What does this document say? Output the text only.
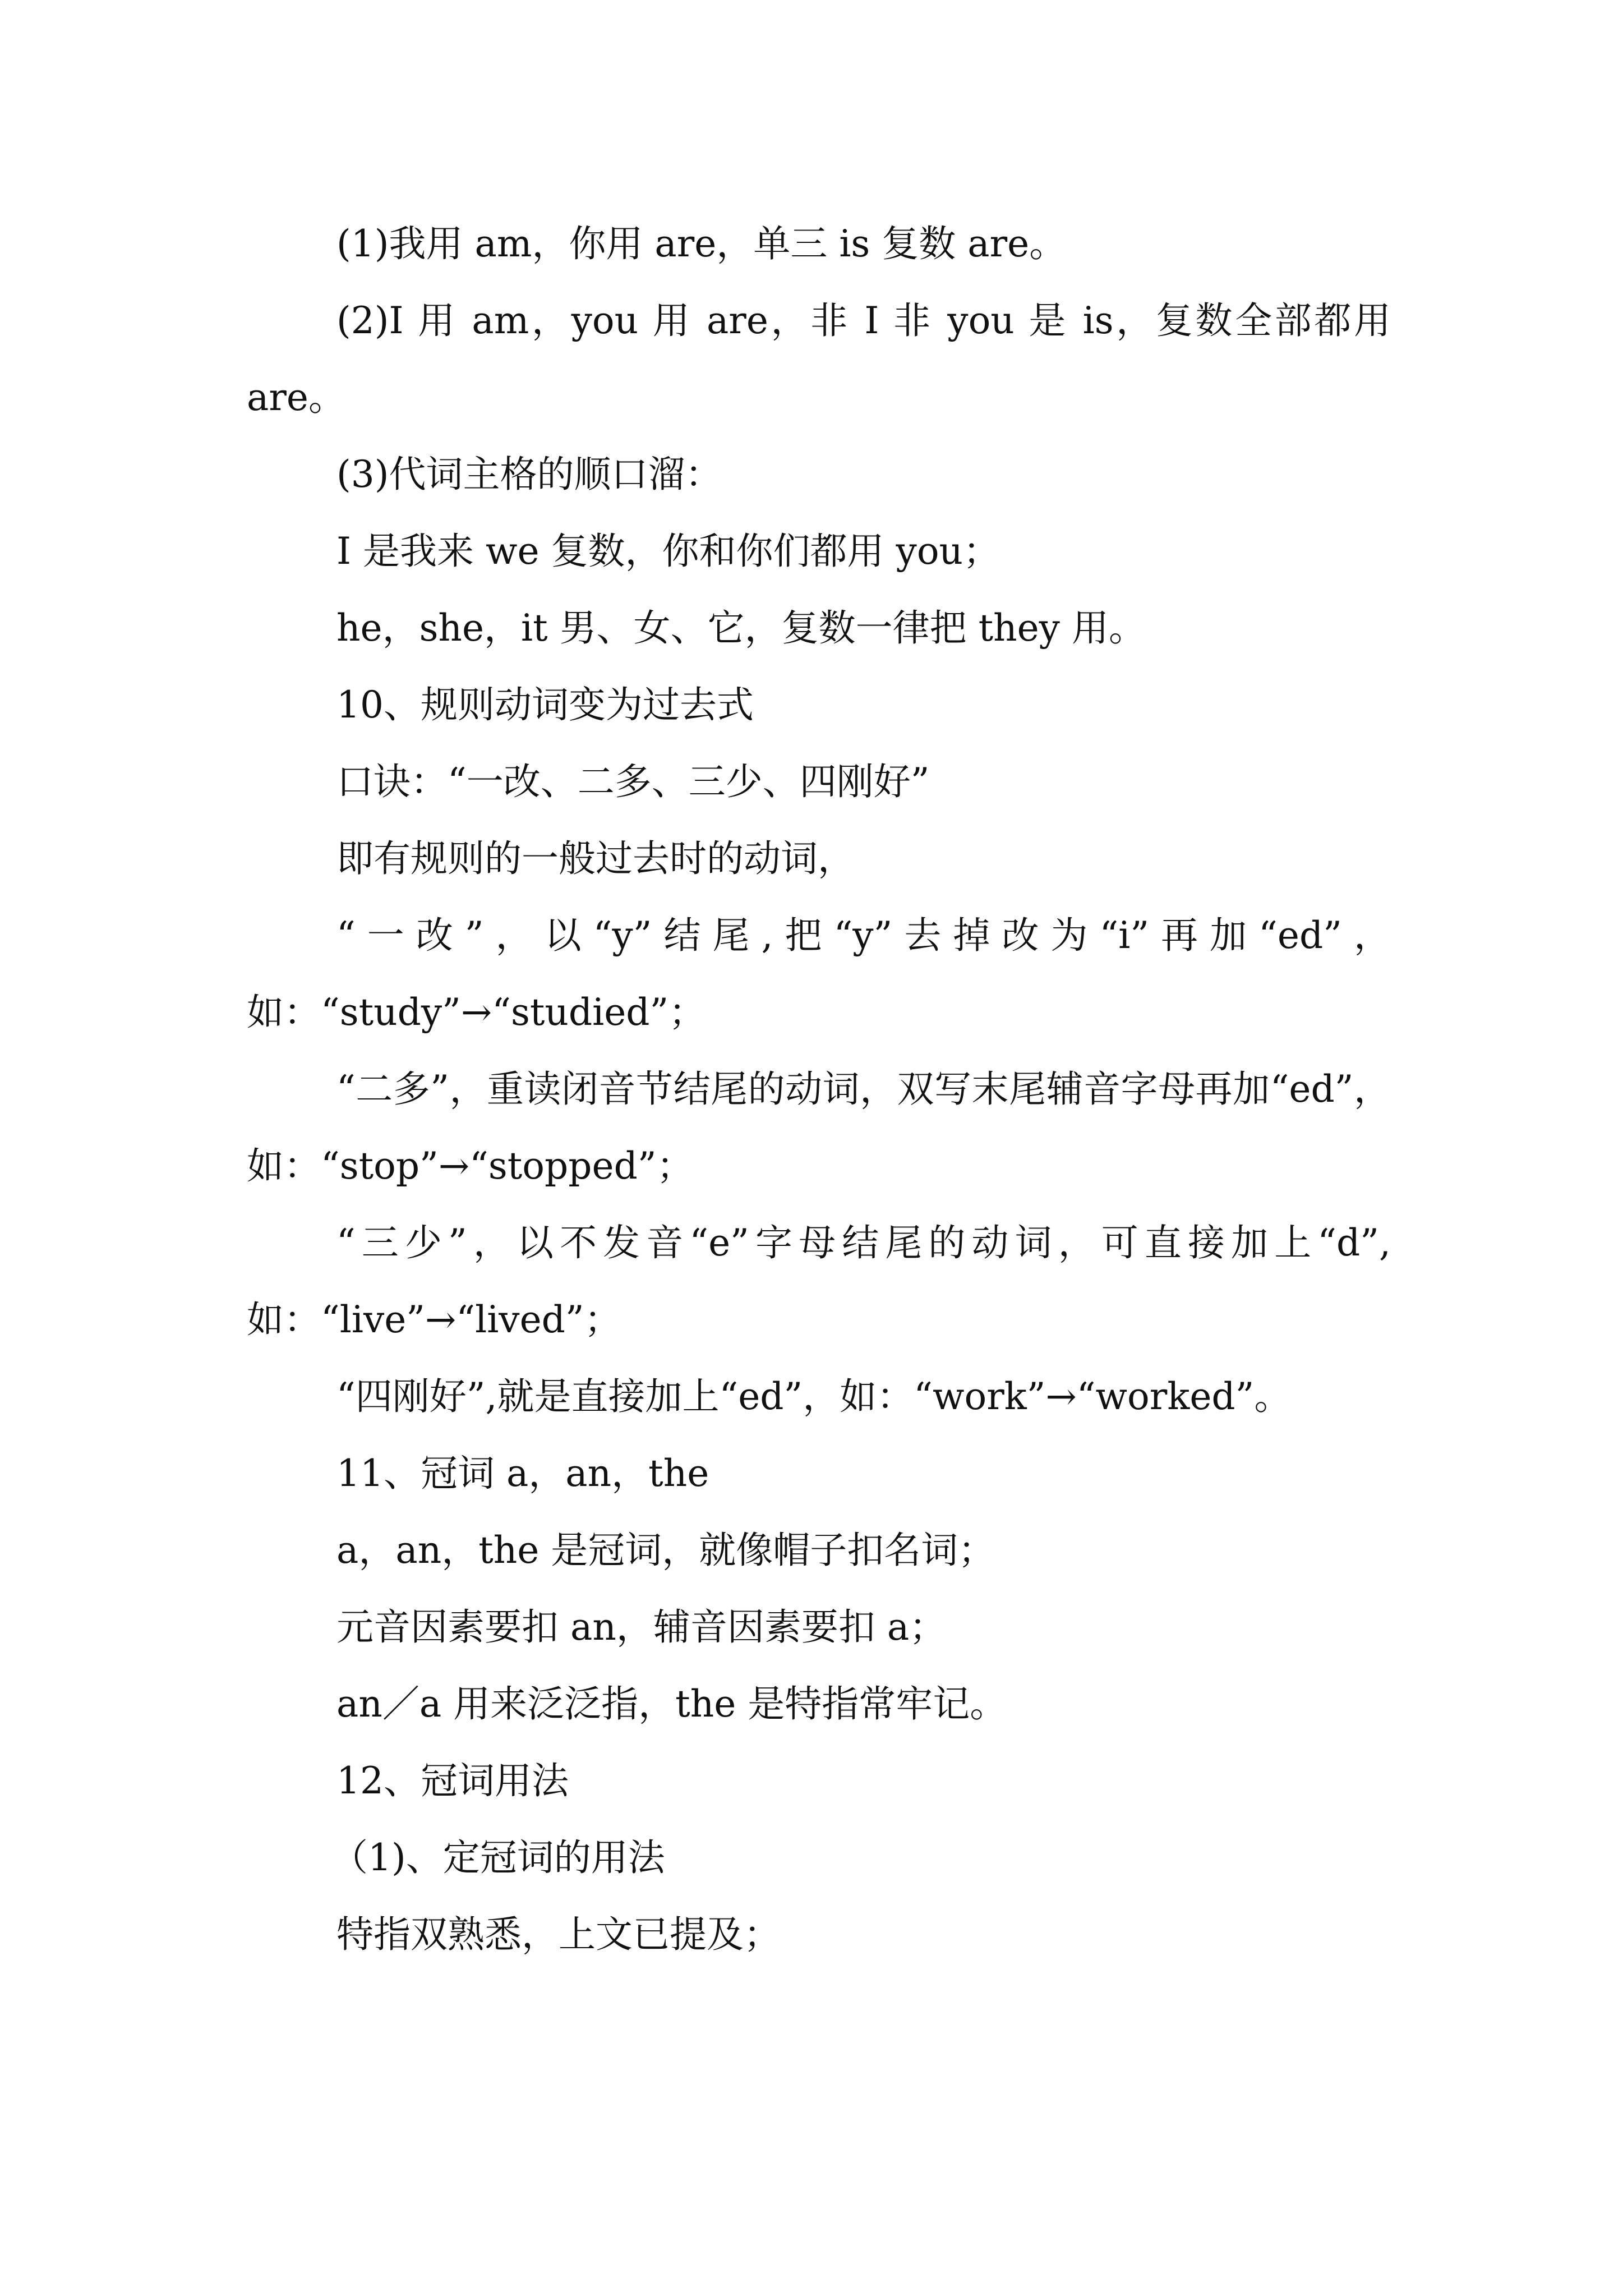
(1)我用 am，你用 are，单三 is 复数 are。

(2)I 用 am，you 用 are，非 I 非 you 是 is，复数全部都用 are。

(3)代词主格的顺口溜：

I 是我来 we 复数，你和你们都用 you；

he，she，it 男、女、它，复数一律把 they 用。

10、规则动词变为过去式

口诀：“一改、二多、三少、四刚好”

即有规则的一般过去时的动词，

“一改”，以“y”结尾,把“y”去掉改为“i”再加“ed”，如：“study”→“studied”；

“二多”，重读闭音节结尾的动词，双写末尾辅音字母再加“ed”，如：“stop”→“stopped”；

“三少”，以不发音“e”字母结尾的动词，可直接加上“d”,如：“live”→“lived”；

“四刚好”,就是直接加上“ed”，如：“work”→“worked”。

11、冠词 a，an，the

a，an，the 是冠词，就像帽子扣名词；

元音因素要扣 an，辅音因素要扣 a；

an／a 用来泛泛指，the 是特指常牢记。

12、冠词用法

（1)、定冠词的用法

特指双熟悉，上文已提及；
